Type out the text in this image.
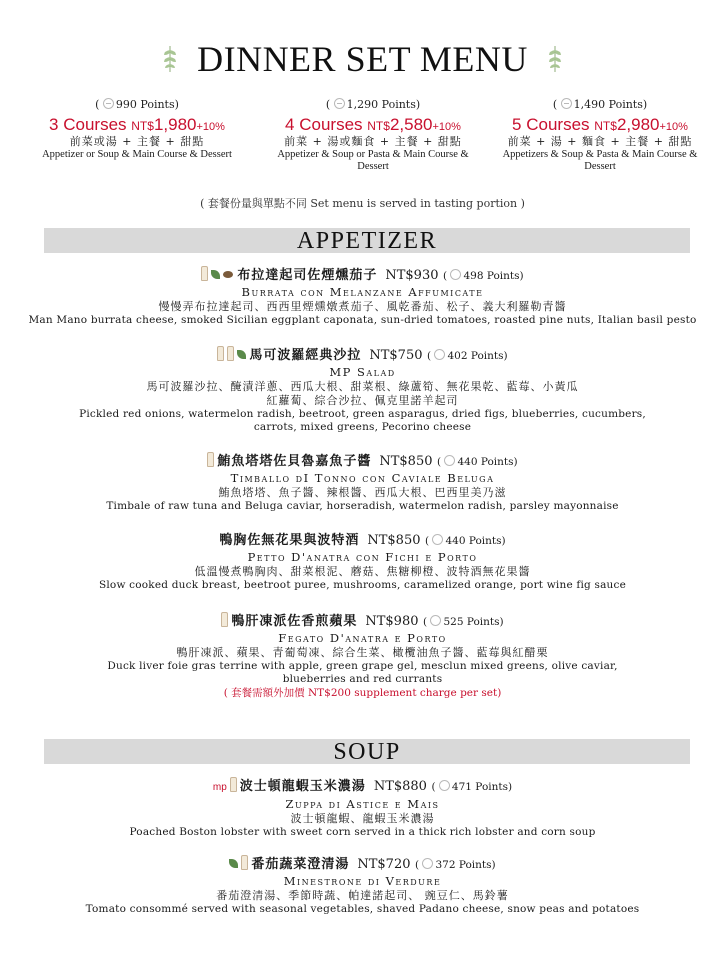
DINNER SET MENU
( 990 Points)
3 Courses NT$1,980+10%
前菜或湯 + 主餐 + 甜點
Appetizer or Soup & Main Course & Dessert
( 1,290 Points)
4 Courses NT$2,580+10%
前菜 + 湯或麵食 + 主餐 + 甜點
Appetizer & Soup or Pasta & Main Course & Dessert
( 1,490 Points)
5 Courses NT$2,980+10%
前菜 + 湯 + 麵食 + 主餐 + 甜點
Appetizers & Soup & Pasta & Main Course & Dessert
( 套餐份量與單點不同 Set menu is served in tasting portion )
APPETIZER
布拉達起司佐煙燻茄子 NT$930 ( 498 Points)
Burrata con Melanzane Affumicate
慢慢弄布拉達起司、西西里煙燻燉煮茄子、風乾番茄、松子、義大利羅勒青醬
Man Mano burrata cheese, smoked Sicilian eggplant caponata, sun-dried tomatoes, roasted pine nuts, Italian basil pesto
馬可波羅經典沙拉 NT$750 ( 402 Points)
MP Salad
馬可波羅沙拉、醃漬洋蔥、西瓜大根、甜菜根、綠蘆筍、無花果乾、藍莓、小黃瓜
紅蘿蔔、綜合沙拉、佩克里諾羊起司
Pickled red onions, watermelon radish, beetroot, green asparagus, dried figs, blueberries, cucumbers,
carrots, mixed greens, Pecorino cheese
鮪魚塔塔佐貝魯嘉魚子醬 NT$850 ( 440 Points)
Timballo dI Tonno con Caviale Beluga
鮪魚塔塔、魚子醬、辣根醬、西瓜大根、巴西里美乃滋
Timbale of raw tuna and Beluga caviar, horseradish, watermelon radish, parsley mayonnaise
鴨胸佐無花果與波特酒 NT$850 ( 440 Points)
Petto D'anatra con Fichi e Porto
低溫慢煮鴨胸肉、甜菜根泥、蘑菇、焦糖柳橙、波特酒無花果醬
Slow cooked duck breast, beetroot puree, mushrooms, caramelized orange, port wine fig sauce
鴨肝凍派佐香煎蘋果 NT$980 ( 525 Points)
Fegato D'anatra e Porto
鴨肝凍派、蘋果、青葡萄凍、綜合生菜、橄欖油魚子醬、藍莓與紅醋栗
Duck liver foie gras terrine with apple, green grape gel, mesclun mixed greens, olive caviar,
blueberries and red currants
( 套餐需額外加價 NT$200 supplement charge per set)
SOUP
mp 波士頓龍蝦玉米濃湯 NT$880 ( 471 Points)
Zuppa di Astice e Mais
波士頓龍蝦、龍蝦玉米濃湯
Poached Boston lobster with sweet corn served in a thick rich lobster and corn soup
番茄蔬菜澄清湯 NT$720 ( 372 Points)
Minestrone di Verdure
番茄澄清湯、季節時蔬、帕達諾起司、 豌豆仁、馬鈴薯
Tomato consommé served with seasonal vegetables, shaved Padano cheese, snow peas and potatoes
